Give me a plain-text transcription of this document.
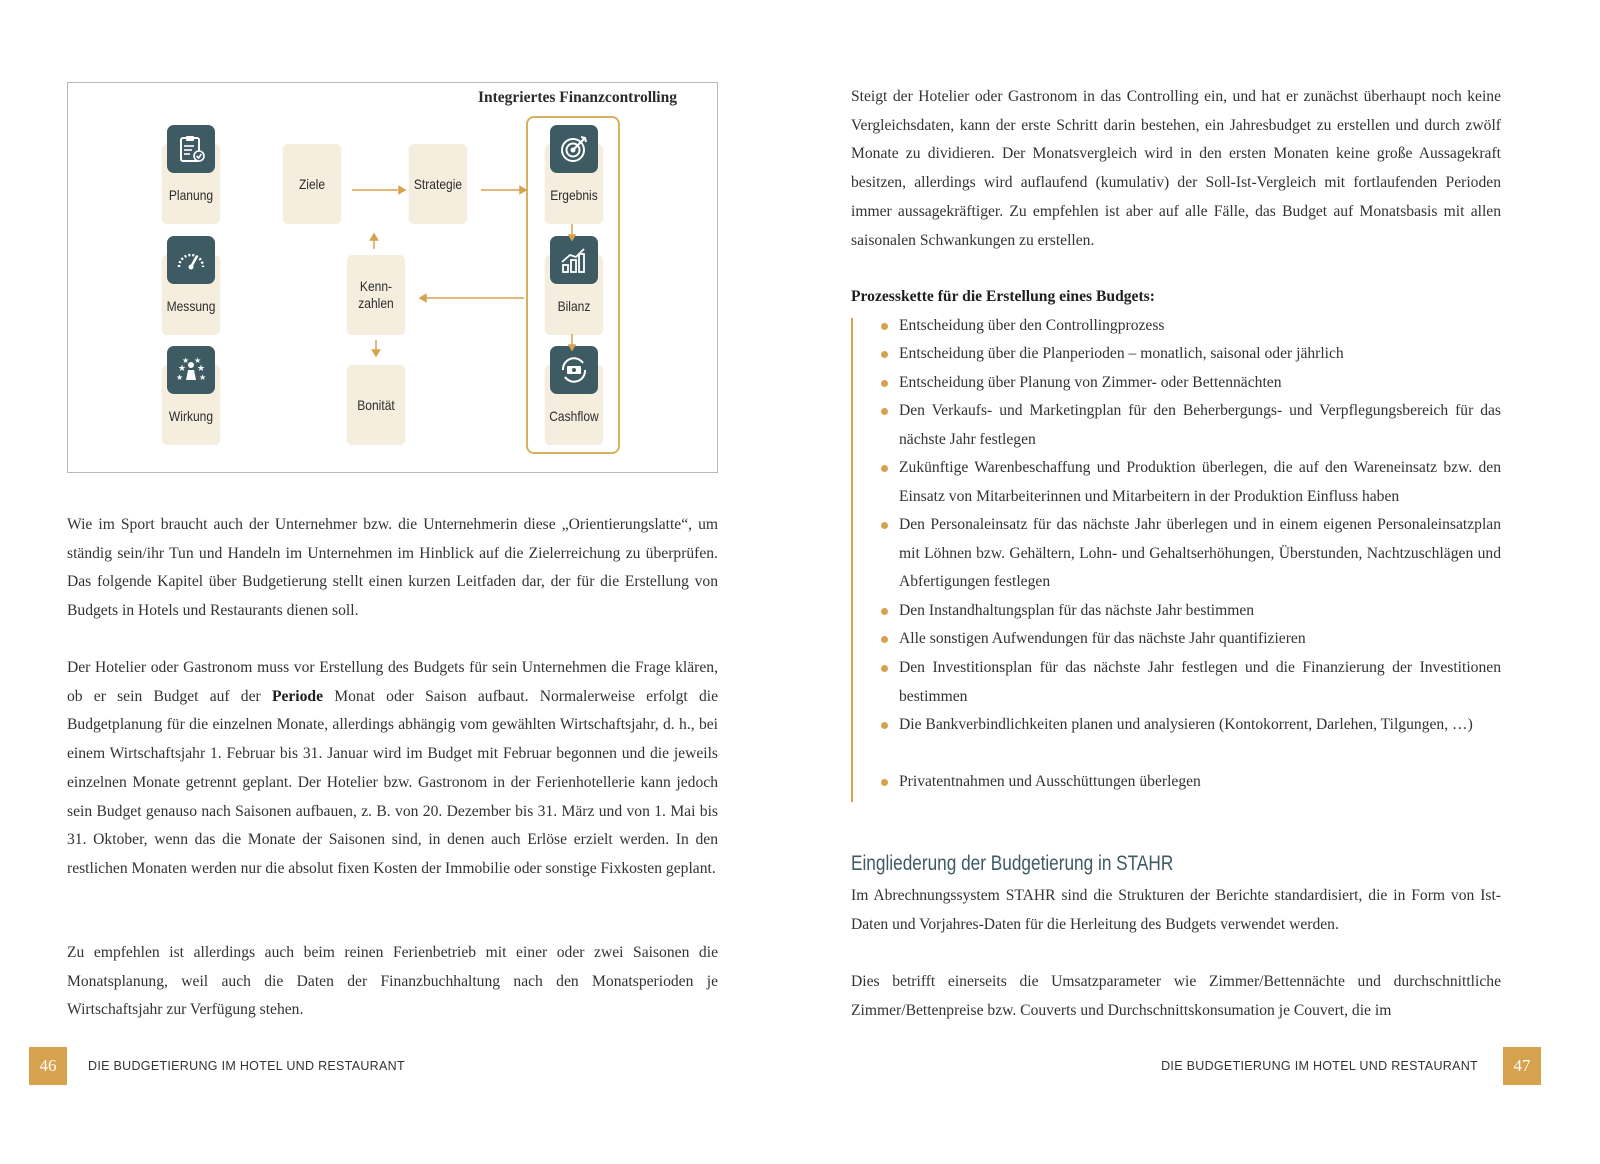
Integriertes Finanzcontrolling
Planung
Messung
Wirkung
★ ★
★ ★
★ ★
Ziele	Strategie
Kenn-
zahlen
Bonität
Ergebnis
Bilanz
Cashflow

Wie im Sport braucht auch der Unternehmer bzw. die Unternehmerin diese „Orientierungslatte“, um ständig sein/ihr Tun und Handeln im Unternehmen im Hinblick auf die Zielerreichung zu überprüfen. Das folgende Kapitel über Budgetierung stellt einen kurzen Leitfaden dar, der für die Erstellung von Budgets in Hotels und Restaurants dienen soll.

Der Hotelier oder Gastronom muss vor Erstellung des Budgets für sein Unternehmen die Frage klären, ob er sein Budget auf der Periode Monat oder Saison aufbaut. Normalerweise erfolgt die Budgetplanung für die einzelnen Monate, allerdings abhängig vom gewählten Wirtschaftsjahr, d. h., bei einem Wirtschaftsjahr 1. Februar bis 31. Januar wird im Budget mit Februar begonnen und die jeweils einzelnen Monate getrennt geplant. Der Hotelier bzw. Gastronom in der Ferienhotellerie kann jedoch sein Budget genauso nach Saisonen aufbauen, z. B. von 20. Dezember bis 31. März und von 1. Mai bis 31. Oktober, wenn das die Monate der Saisonen sind, in denen auch Erlöse erzielt werden. In den restlichen Monaten werden nur die absolut fixen Kosten der Immobilie oder sonstige Fixkosten geplant.

Zu empfehlen ist allerdings auch beim reinen Ferienbetrieb mit einer oder zwei Saisonen die Monatsplanung, weil auch die Daten der Finanzbuchhaltung nach den Monatsperioden je Wirtschaftsjahr zur Verfügung stehen.

Steigt der Hotelier oder Gastronom in das Controlling ein, und hat er zunächst überhaupt noch keine Vergleichsdaten, kann der erste Schritt darin bestehen, ein Jahresbudget zu erstellen und durch zwölf Monate zu dividieren. Der Monatsvergleich wird in den ersten Monaten keine große Aussagekraft besitzen, allerdings wird auflaufend (kumulativ) der Soll-Ist-Vergleich mit fortlaufenden Perioden immer aussagekräftiger. Zu empfehlen ist aber auf alle Fälle, das Budget auf Monatsbasis mit allen saisonalen Schwankungen zu erstellen.

Prozesskette für die Erstellung eines Budgets:
Entscheidung über den Controllingprozess
Entscheidung über die Planperioden – monatlich, saisonal oder jährlich
Entscheidung über Planung von Zimmer- oder Bettennächten
Den Verkaufs- und Marketingplan für den Beherbergungs- und Verpflegungsbereich für das nächste Jahr festlegen
Zukünftige Warenbeschaffung und Produktion überlegen, die auf den Wareneinsatz bzw. den Einsatz von Mitarbeiterinnen und Mitarbeitern in der Produktion Einfluss haben
Den Personaleinsatz für das nächste Jahr überlegen und in einem eigenen Personaleinsatzplan mit Löhnen bzw. Gehältern, Lohn- und Gehaltserhöhungen, Überstunden, Nachtzuschlägen und Abfertigungen festlegen
Den Instandhaltungsplan für das nächste Jahr bestimmen
Alle sonstigen Aufwendungen für das nächste Jahr quantifizieren
Den Investitionsplan für das nächste Jahr festlegen und die Finanzierung der Investitionen bestimmen
Die Bankverbindlichkeiten planen und analysieren (Kontokorrent, Darlehen, Tilgungen, …)
Privatentnahmen und Ausschüttungen überlegen
Eingliederung der Budgetierung in STAHR

Im Abrechnungssystem STAHR sind die Strukturen der Berichte standardisiert, die in Form von Ist-Daten und Vorjahres-Daten für die Herleitung des Budgets verwendet werden.

Dies betrifft einerseits die Umsatzparameter wie Zimmer/Bettennächte und durchschnittliche Zimmer/Bettenpreise bzw. Couverts und Durchschnittskonsumation je Couvert, die im

46	DIE BUDGETIERUNG IM HOTEL UND RESTAURANT	DIE BUDGETIERUNG IM HOTEL UND RESTAURANT	47
